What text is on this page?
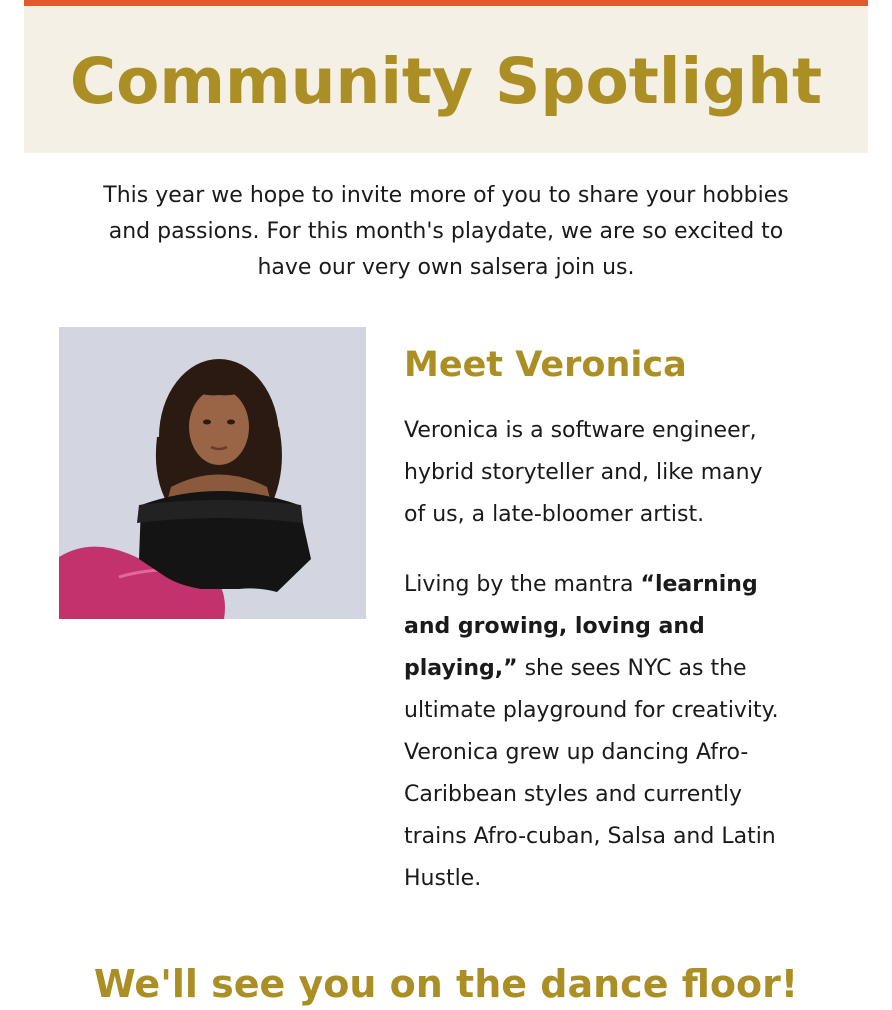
Community Spotlight
This year we hope to invite more of you to share your hobbies
and passions. For this month's playdate, we are so excited to
have our very own salsera join us.
Meet Veronica

Veronica is a software engineer,
hybrid storyteller and, like many
of us, a late-bloomer artist.

Living by the mantra “learning
and growing, loving and
playing,” she sees NYC as the
ultimate playground for creativity.
Veronica grew up dancing Afro-
Caribbean styles and currently
trains Afro-cuban, Salsa and Latin
Hustle.

We'll see you on the dance floor!
